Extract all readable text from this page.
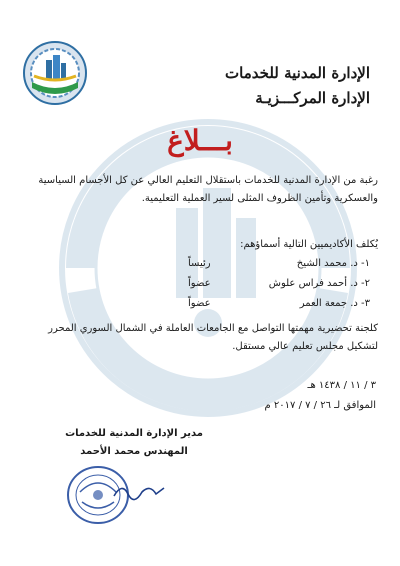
الإدارة المدنية للخدمات
الإدارة المركـــزيـة
بـــلاغ
رغبة من الإدارة المدنية للخدمات باستقلال التعليم العالي عن كل الأجسام السياسية والعسكرية وتأمين الظروف المثلى لسير العملية التعليمية.
يُكلف الأكاديميين التالية أسماؤهم:
١- د. محمد الشيخ
رئيساً
٢- د. أحمد فراس علوش
عضواً
٣- د. جمعة العمر
عضواً
كلجنة تحضيرية مهمتها التواصل مع الجامعات العاملة في الشمال السوري المحرر لتشكيل مجلس تعليم عالي مستقل.
٣ / ١١ / ١٤٣٨ هـ
الموافق لـ ٢٦ / ٧ / ٢٠١٧ م
مدير الإدارة المدنية للخدمات
المهندس محمد الأحمد
